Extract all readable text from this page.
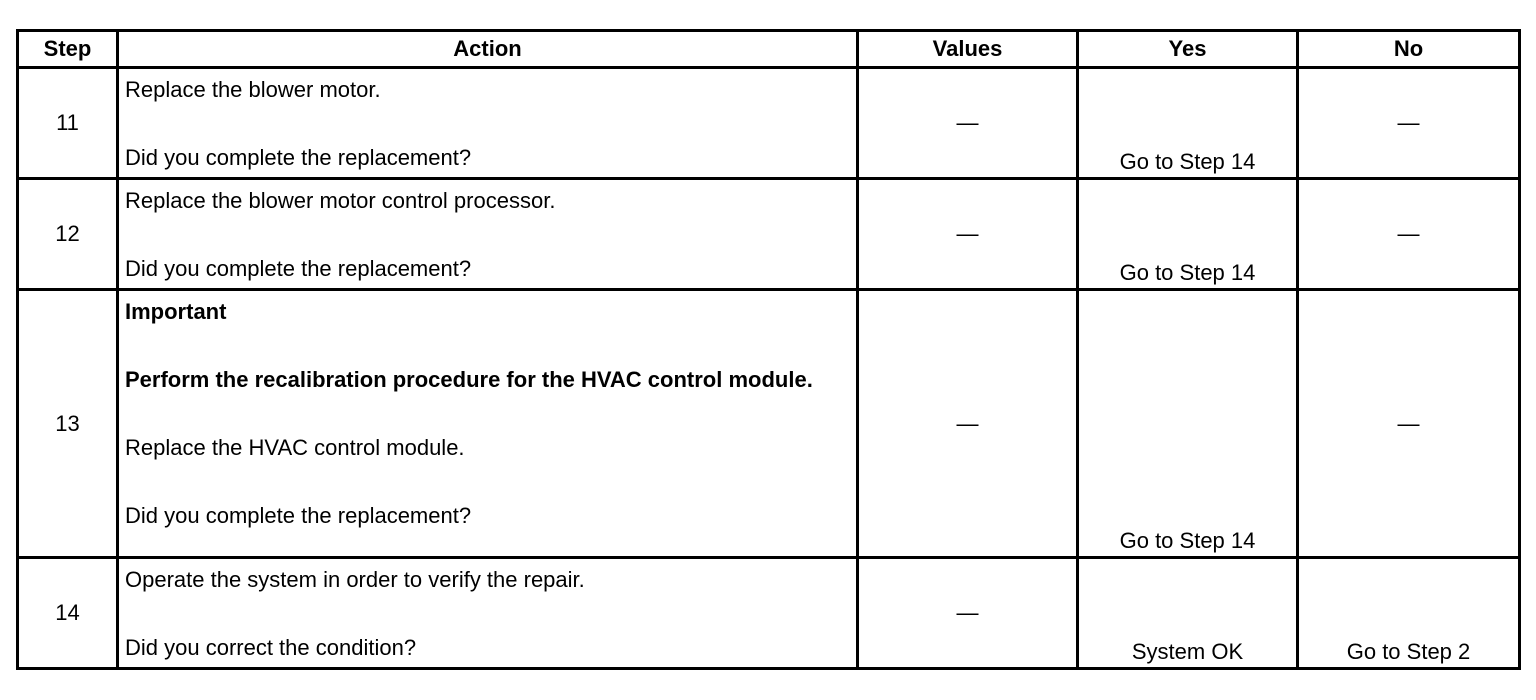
Step	Action	Values	Yes	No
11	Replace the blower motor.

Did you complete the replacement?	—	Go to Step 14	—
12	Replace the blower motor control processor.

Did you complete the replacement?	—	Go to Step 14	—
13	Important

Perform the recalibration procedure for the HVAC control module.

Replace the HVAC control module.

Did you complete the replacement?	—	Go to Step 14	—
14	Operate the system in order to verify the repair.

Did you correct the condition?	—	System OK	Go to Step 2
